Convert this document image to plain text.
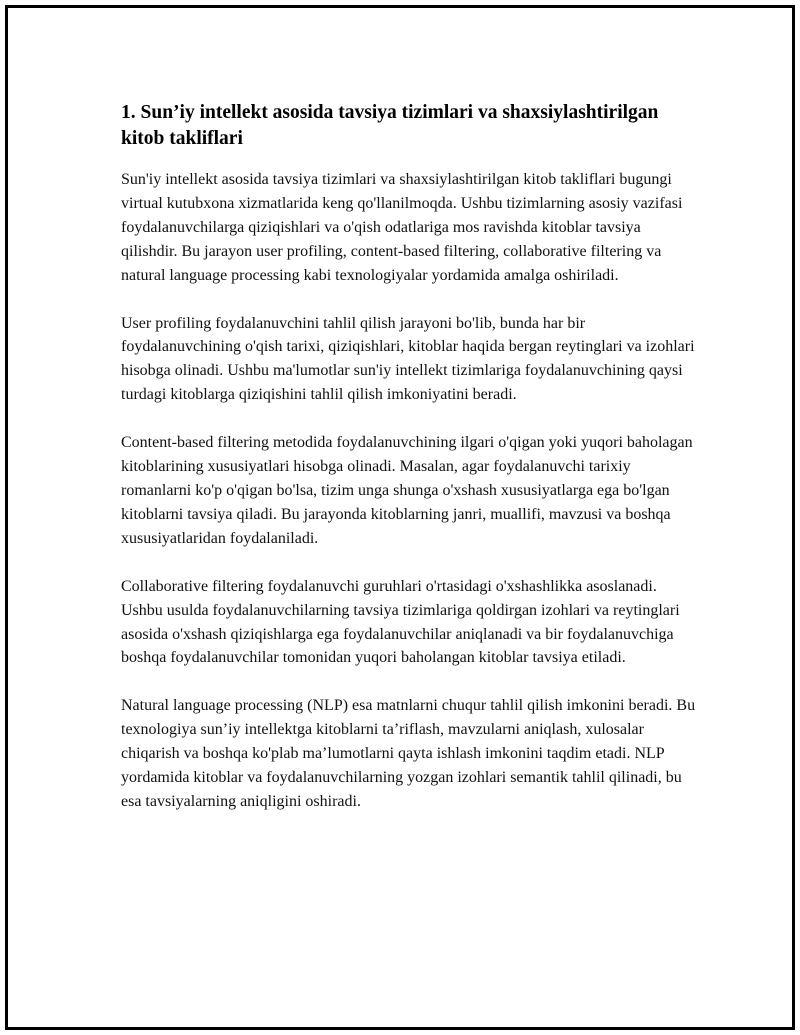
1. Sun’iy intellekt asosida tavsiya tizimlari va shaxsiylashtirilgan kitob takliflari

Sun'iy intellekt asosida tavsiya tizimlari va shaxsiylashtirilgan kitob takliflari bugungi virtual kutubxona xizmatlarida keng qo'llanilmoqda. Ushbu tizimlarning asosiy vazifasi foydalanuvchilarga qiziqishlari va o'qish odatlariga mos ravishda kitoblar tavsiya qilishdir. Bu jarayon user profiling, content-based filtering, collaborative filtering va natural language processing kabi texnologiyalar yordamida amalga oshiriladi.

User profiling foydalanuvchini tahlil qilish jarayoni bo'lib, bunda har bir foydalanuvchining o'qish tarixi, qiziqishlari, kitoblar haqida bergan reytinglari va izohlari hisobga olinadi. Ushbu ma'lumotlar sun'iy intellekt tizimlariga foydalanuvchining qaysi turdagi kitoblarga qiziqishini tahlil qilish imkoniyatini beradi.

Content-based filtering metodida foydalanuvchining ilgari o'qigan yoki yuqori baholagan kitoblarining xususiyatlari hisobga olinadi. Masalan, agar foydalanuvchi tarixiy romanlarni ko'p o'qigan bo'lsa, tizim unga shunga o'xshash xususiyatlarga ega bo'lgan kitoblarni tavsiya qiladi. Bu jarayonda kitoblarning janri, muallifi, mavzusi va boshqa xususiyatlaridan foydalaniladi.

Collaborative filtering foydalanuvchi guruhlari o'rtasidagi o'xshashlikka asoslanadi. Ushbu usulda foydalanuvchilarning tavsiya tizimlariga qoldirgan izohlari va reytinglari asosida o'xshash qiziqishlarga ega foydalanuvchilar aniqlanadi va bir foydalanuvchiga boshqa foydalanuvchilar tomonidan yuqori baholangan kitoblar tavsiya etiladi.

Natural language processing (NLP) esa matnlarni chuqur tahlil qilish imkonini beradi. Bu texnologiya sun’iy intellektga kitoblarni ta’riflash, mavzularni aniqlash, xulosalar chiqarish va boshqa ko'plab ma’lumotlarni qayta ishlash imkonini taqdim etadi. NLP yordamida kitoblar va foydalanuvchilarning yozgan izohlari semantik tahlil qilinadi, bu esa tavsiyalarning aniqligini oshiradi.
